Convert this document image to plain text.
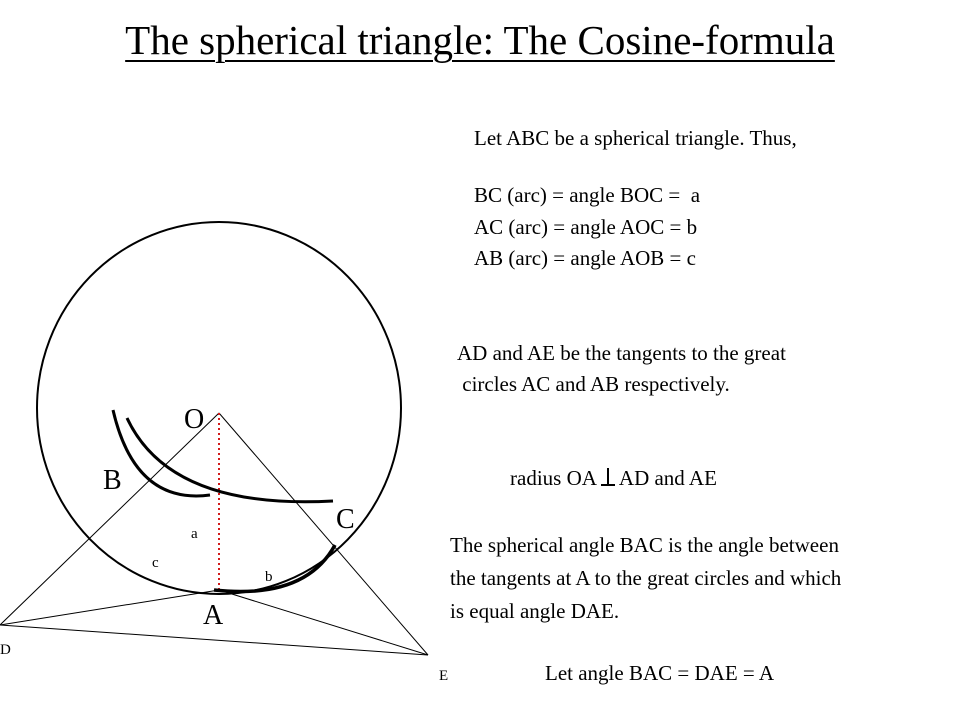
The spherical triangle: The Cosine-formula
O
B
C
A
D
E
a
c
b
Let ABC be a spherical triangle. Thus,
BC (arc) = angle BOC =  a
AC (arc) = angle AOC = b
AB (arc) = angle AOB = c
AD and AE be the tangents to the great
circles AC and AB respectively.
radius OA AD and AE
The spherical angle BAC is the angle between
the tangents at A to the great circles and which
is equal angle DAE.
Let angle BAC = DAE = A
